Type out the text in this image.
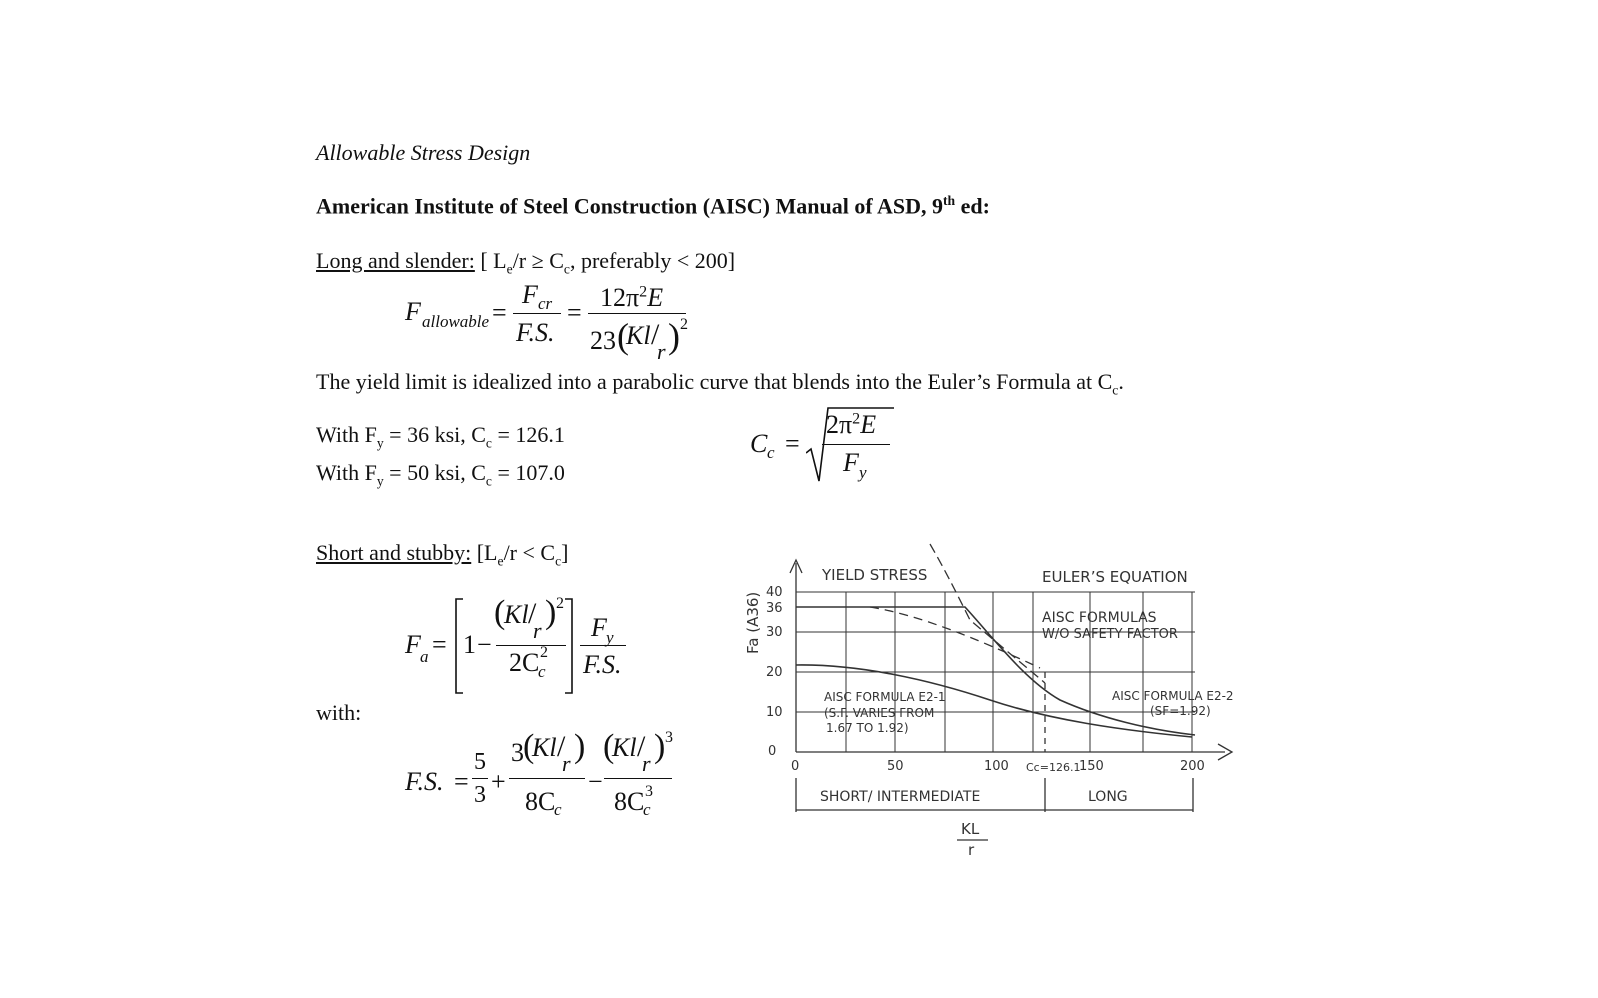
Allowable Stress Design
American Institute of Steel Construction (AISC) Manual of ASD, 9th ed:
Long and slender: [ $L_e/r \ge C_c$, preferably < 200]
F allowable =
F cr
F.S.
=
$12\pi^2E$
23 (
Kl /
r ) 2
The yield limit is idealized into a parabolic curve that blends into the Euler’s Formula at $C_c$.
With $F_y = 36$ ksi, $C_c = 126.1$
With $F_y = 50$ ksi, $C_c = 107.0$
C c =
$2\pi^2E$
F y
Short and stubby: $[L_e/r < C_c]$
F a = 1 −
(
Kl /
r ) 2
2C
c
2
F y
F.S.
with:
F.S. =
5
3 +
3 (
Kl /
r )
8C
c
−
(
Kl /
r ) 3
8C
c
3
Fa (A36) 40
36
30
20
10
0
0	50	100 Cc=126.1
150	200
YIELD STRESS	EULER’S EQUATION
AISC FORMULAS
W/O SAFETY FACTOR
AISC FORMULA E2-1
(S.F. VARIES FROM
1.67 TO 1.92)
AISC FORMULA E2-2
(SF=1.92)
SHORT/ INTERMEDIATE	LONG
KL
r
